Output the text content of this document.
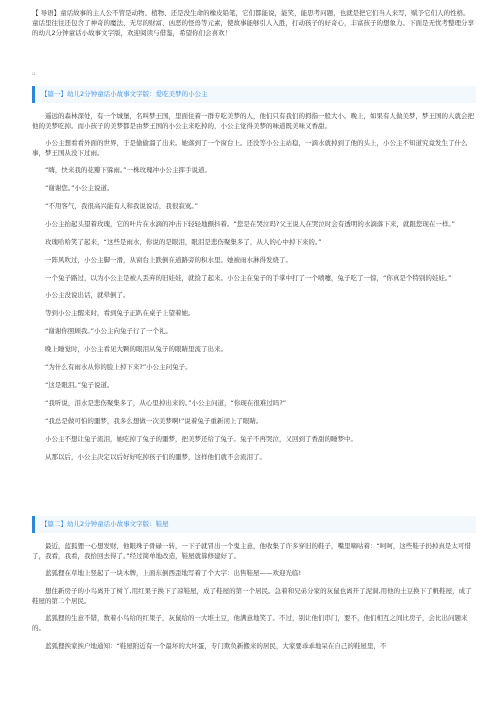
【 导语】童话故事的主人公不管是动物、植物、还是没生命的橡皮铅笔，它们都能说，能笑，能思考问题，也就是把它们当人来写，赋予它们人的性格。童话里往往还包含了神奇的魔法、无尽的财富、凶恶的怪兽等元素，使故事能够引人入胜，打动孩子的好奇心，丰富孩子的想象力。下面是无忧考整理分享的幼儿2分钟童话小故事文字版，欢迎阅读与借鉴，希望你们会喜欢！
▫
【篇一】幼儿2分钟童话小故事文字版：爱吃美梦的小公主

遥远的森林深处，有一个城堡，名叫梦王国，里面住着一群专吃美梦的人，他们只有我们的拇指一般大小。晚上，如果有人做美梦，梦王国的人就会把他的美梦吃掉。而小孩子的美梦都是由梦王国的小公主来吃掉的，小公主觉得美梦的味道既美味又香甜。

小公主想看看外面的世界，于是偷偷溜了出来。她落到了一个窗台上。还没等小公主站稳，一滴水就掉到了他的头上，小公主不知道究竟发生了什么事，梦王国从没下过雨。

“嗨，快来我的花瓣下躲雨。”一株玫瑰冲小公主挥手说道。

“谢谢您。”小公主说道。

“不用客气，我很高兴能有人和我说说话，我很寂寞。”

小公主抬起头望着玫瑰，它的叶片在水滴的冲击下轻轻地颤抖着。“您是在哭泣吗?父王说人在哭泣时会有透明的水滴落下来，就跟您现在一样。”

玫瑰哈哈笑了起来，“这些是雨水，你说的是眼泪，眼泪是悲伤聚集多了，从人的心中掉下来的。”

一阵风吹过，小公主脚一滑，从窗台上跌倒在道路旁的积水里。她被雨水淋得发烧了。

一个兔子路过，以为小公主是被人丢弃的旧娃娃，就捡了起来。小公主在兔子的手掌中打了一个喷嚏，兔子吃了一惊，“你真是个特别的娃娃。”

小公主没说出话，就晕倒了。

等到小公主醒来时，看到兔子正趴在桌子上望着她。

“谢谢你照顾我。”小公主向兔子行了一个礼。

晚上睡觉时，小公主看见大颗的眼泪从兔子的眼睛里流了出来。

“为什么有雨水从你的脸上掉下来?”小公主问兔子。

“这是眼泪。”兔子说道。

“我听说，泪水是悲伤聚集多了，从心里掉出来的。”小公主问道，“你现在很难过吗?”

“我总是做可怕的噩梦，我多么想做一次美梦啊!”说着兔子重新闭上了眼睛。

小公主不想让兔子流泪，她吃掉了兔子的噩梦，把美梦还给了兔子。兔子不再哭泣，又回到了香甜的睡梦中。

从那以后，小公主决定以后好好吃掉孩子们的噩梦，这样他们就不会流泪了。

【篇二】幼儿2分钟童话小故事文字版：鞋屋

最近，蓝狐狸一心想发财，他眼珠子骨碌一转，一下子就冒出一个鬼主意，他收集了许多穿旧的鞋子，嘴里嘀咕着：“呵呵，这些鞋子扔掉真是太可惜了，我看，我看，我拾回去得了。”经过简单地改造，鞋屋就算修建好了。

蓝狐狸在草地上竖起了一块木牌，上面东倒西歪地写着了个大字：出售鞋屋——欢迎光临!

想住新房子的小鸟离开了树丫,用红果子换下了凉鞋屋，成了鞋屋的第一个居民。急着和兄弟分家的灰鼠也离开了泥洞,用他的土豆换下了帆鞋屋，成了鞋屋的第二个居民。

蓝狐狸的生意不错，数着小鸟给的红果子，灰鼠给的一大堆土豆，他满意地笑了。不过，别让他们串门，要不，他们相互之间比房子，会比出问题来的。

蓝狐狸挨家挨户地通知：“鞋屋附近有一个最坏的大坏蛋，专门欺负新搬来的居民，大家要乖乖地呆在自己的鞋屋里，不
